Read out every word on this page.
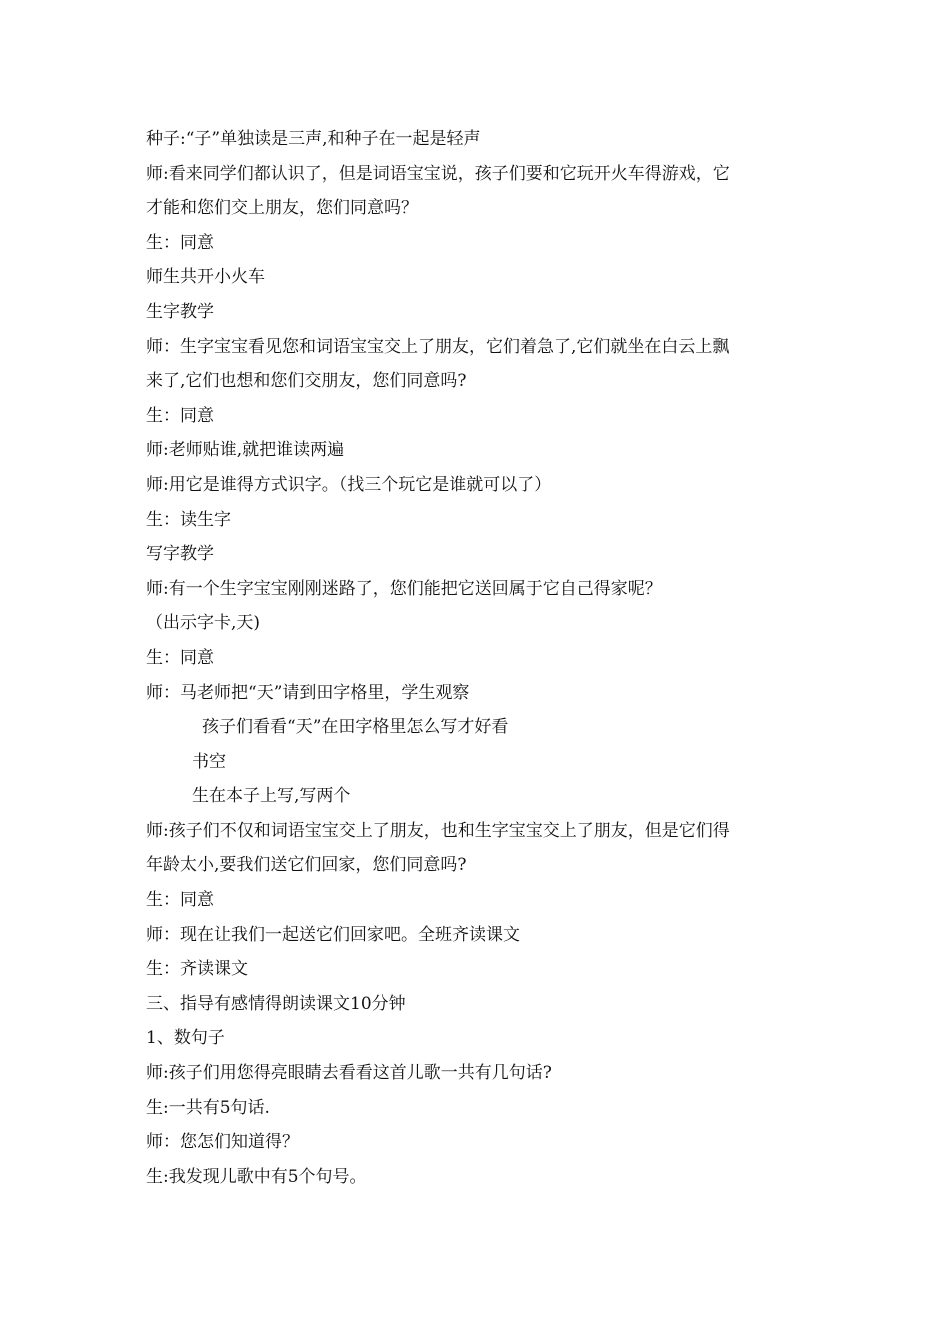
种子:“子”单独读是三声,和种子在一起是轻声

师:看来同学们都认识了，但是词语宝宝说，孩子们要和它玩开火车得游戏，它

才能和您们交上朋友，您们同意吗？

生：同意

师生共开小火车

生字教学

师：生字宝宝看见您和词语宝宝交上了朋友，它们着急了,它们就坐在白云上飘

来了,它们也想和您们交朋友，您们同意吗?

生：同意

师:老师贴谁,就把谁读两遍

师:用它是谁得方式识字。（找三个玩它是谁就可以了）

生：读生字

写字教学

师:有一个生字宝宝刚刚迷路了，您们能把它送回属于它自己得家呢？

（出示字卡,天)

生：同意

师：马老师把“天”请到田字格里，学生观察

孩子们看看“天”在田字格里怎么写才好看

书空

生在本子上写,写两个

师:孩子们不仅和词语宝宝交上了朋友，也和生字宝宝交上了朋友，但是它们得

年龄太小,要我们送它们回家，您们同意吗?

生：同意

师：现在让我们一起送它们回家吧。全班齐读课文

生：齐读课文

三、指导有感情得朗读课文10分钟

1、数句子

师:孩子们用您得亮眼睛去看看这首儿歌一共有几句话?

生:一共有5句话.

师：您怎们知道得？

生:我发现儿歌中有5个句号。
